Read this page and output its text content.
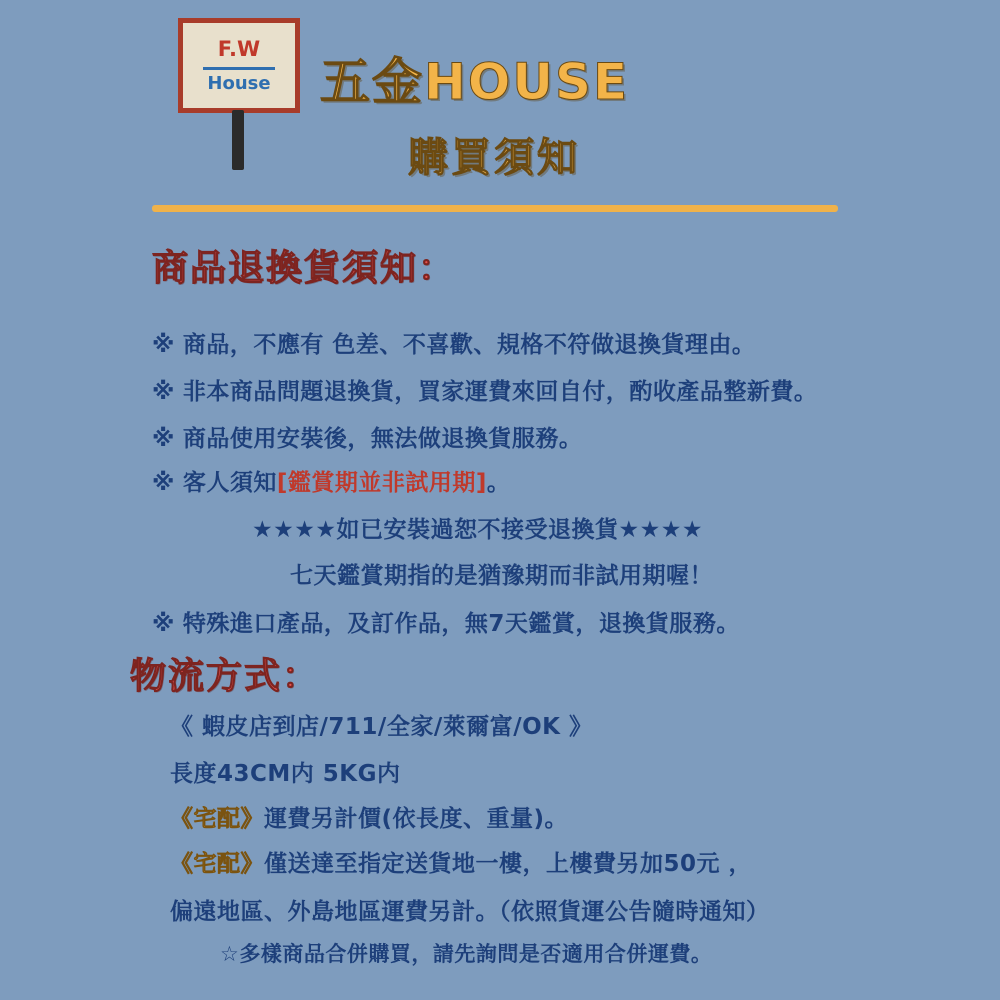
F.W
House 五金HOUSE
購買須知
商品退換貨須知：
※ 商品，不應有 色差、不喜歡、規格不符做退換貨理由。
※ 非本商品問題退換貨，買家運費來回自付，酌收產品整新費。
※ 商品使用安裝後，無法做退換貨服務。
※ 客人須知[鑑賞期並非試用期]。
★★★★如已安裝過恕不接受退換貨★★★★
七天鑑賞期指的是猶豫期而非試用期喔！
※ 特殊進口產品，及訂作品，無7天鑑賞，退換貨服務。
物流方式：
《 蝦皮店到店/711/全家/萊爾富/OK 》
長度43CM内 5KG内
《宅配》運費另計價(依長度、重量)。
《宅配》僅送達至指定送貨地一樓，上樓費另加50元 ，
偏遠地區、外島地區運費另計。（依照貨運公告隨時通知）
☆多樣商品合併購買，請先詢問是否適用合併運費。
